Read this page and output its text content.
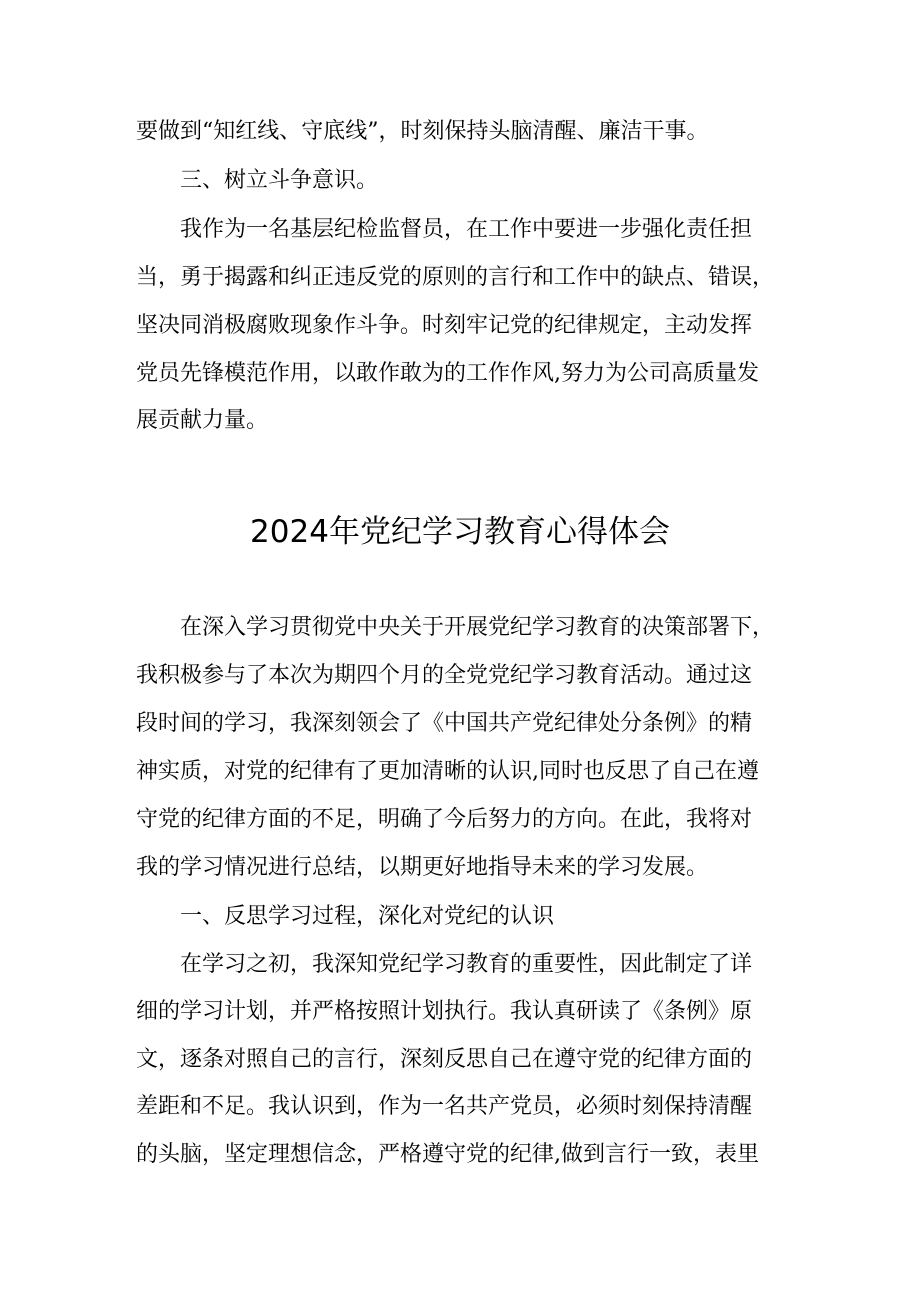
要做到“知红线、守底线”，时刻保持头脑清醒、廉洁干事。
三、树立斗争意识。
我作为一名基层纪检监督员，在工作中要进一步强化责任担
当，勇于揭露和纠正违反党的原则的言行和工作中的缺点、错误，
坚决同消极腐败现象作斗争。时刻牢记党的纪律规定，主动发挥
党员先锋模范作用，以敢作敢为的工作作风,努力为公司高质量发
展贡献力量。
2024年党纪学习教育心得体会
在深入学习贯彻党中央关于开展党纪学习教育的决策部署下，
我积极参与了本次为期四个月的全党党纪学习教育活动。通过这
段时间的学习，我深刻领会了《中国共产党纪律处分条例》的精
神实质，对党的纪律有了更加清晰的认识,同时也反思了自己在遵
守党的纪律方面的不足，明确了今后努力的方向。在此，我将对
我的学习情况进行总结，以期更好地指导未来的学习发展。
一、反思学习过程，深化对党纪的认识
在学习之初，我深知党纪学习教育的重要性，因此制定了详
细的学习计划，并严格按照计划执行。我认真研读了《条例》原
文，逐条对照自己的言行，深刻反思自己在遵守党的纪律方面的
差距和不足。我认识到，作为一名共产党员，必须时刻保持清醒
的头脑，坚定理想信念，严格遵守党的纪律,做到言行一致，表里
